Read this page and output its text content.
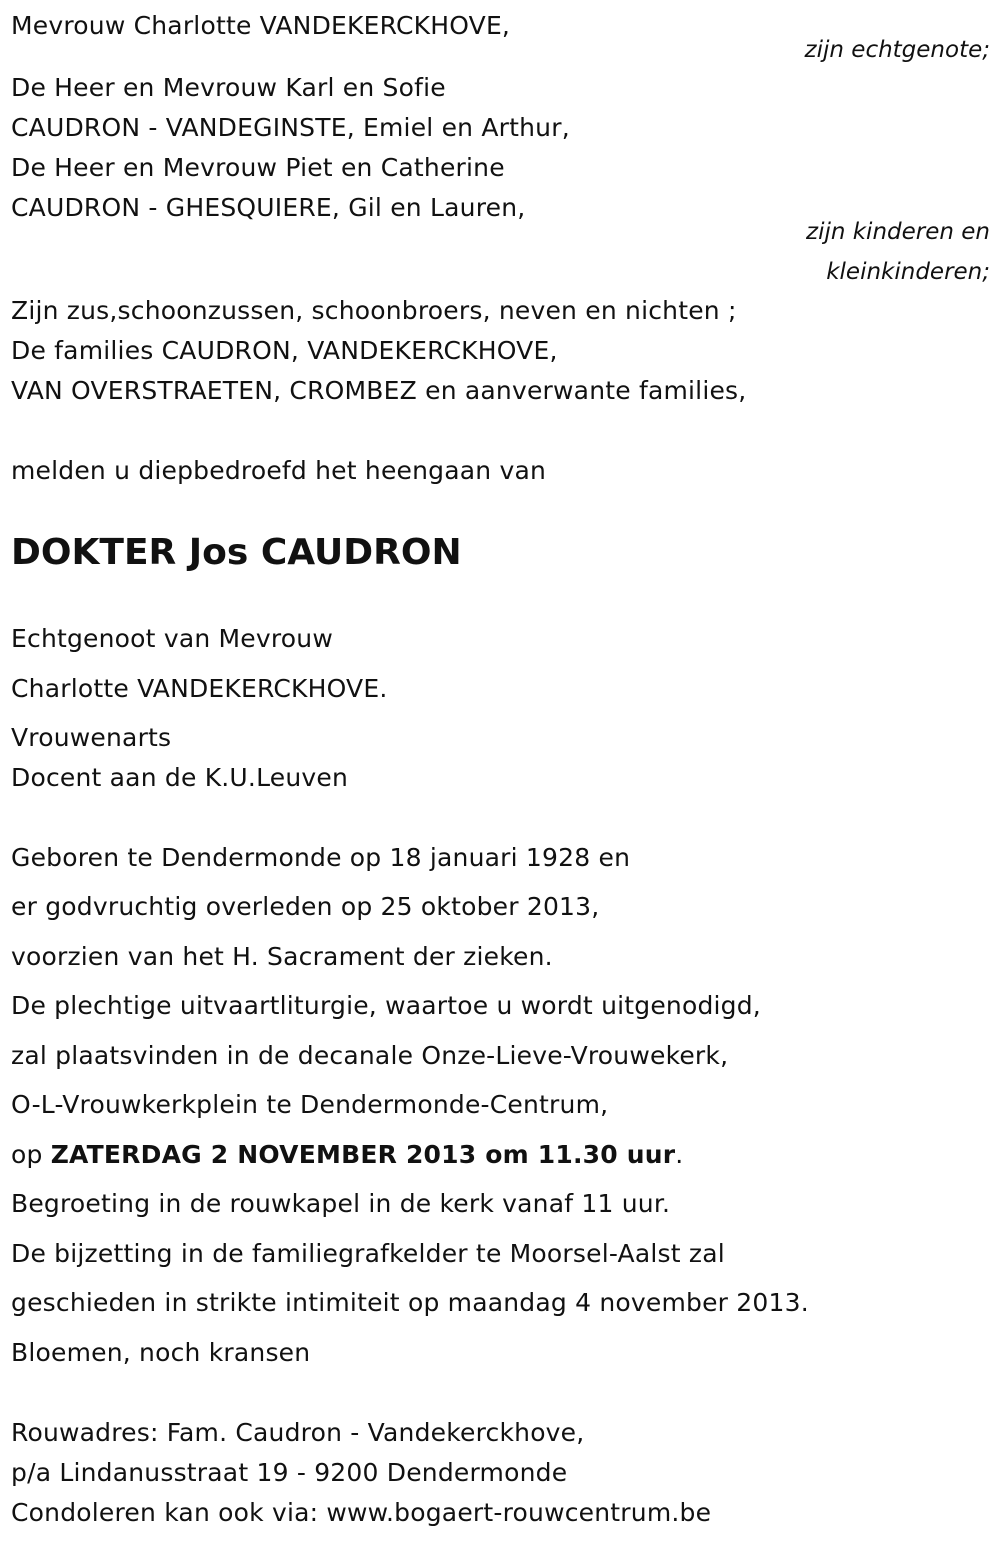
Mevrouw Charlotte VANDEKERCKHOVE,

zijn echtgenote;

De Heer en Mevrouw Karl en Sofie

CAUDRON - VANDEGINSTE, Emiel en Arthur,

De Heer en Mevrouw Piet en Catherine

CAUDRON - GHESQUIERE, Gil en Lauren,

zijn kinderen en

kleinkinderen;

Zijn zus,schoonzussen, schoonbroers, neven en nichten ;

De families CAUDRON, VANDEKERCKHOVE,

VAN OVERSTRAETEN, CROMBEZ en aanverwante families,

melden u diepbedroefd het heengaan van

DOKTER Jos CAUDRON

Echtgenoot van Mevrouw

Charlotte VANDEKERCKHOVE.

Vrouwenarts

Docent aan de K.U.Leuven

Geboren te Dendermonde op 18 januari 1928 en

er godvruchtig overleden op 25 oktober 2013,

voorzien van het H. Sacrament der zieken.

De plechtige uitvaartliturgie, waartoe u wordt uitgenodigd,

zal plaatsvinden in de decanale Onze-Lieve-Vrouwekerk,

O-L-Vrouwkerkplein te Dendermonde-Centrum,

op ZATERDAG 2 NOVEMBER 2013 om 11.30 uur.

Begroeting in de rouwkapel in de kerk vanaf 11 uur.

De bijzetting in de familiegrafkelder te Moorsel-Aalst zal

geschieden in strikte intimiteit op maandag 4 november 2013.

Bloemen, noch kransen

Rouwadres: Fam. Caudron - Vandekerckhove,

p/a Lindanusstraat 19 - 9200 Dendermonde

Condoleren kan ook via: www.bogaert-rouwcentrum.be
